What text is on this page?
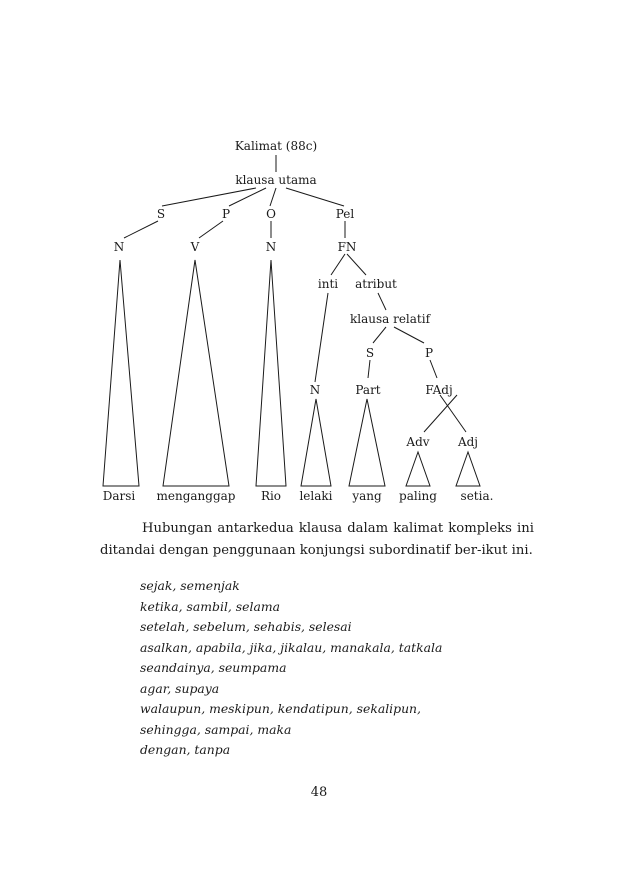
Kalimat (88c)
klausa utama
S	P	O	Pel
N	V	N	FN
inti atribut
klausa relatif
S	P
N	Part	FAdj
Adv Adj
Darsi menganggap Rio lelaki yang paling setia.

Hubungan antarkedua klausa dalam kalimat kompleks ini ditandai dengan penggunaan konjungsi subordinatif ber-ikut ini.

sejak, semenjak
ketika, sambil, selama
setelah, sebelum, sehabis, selesai
asalkan, apabila, jika, jikalau, manakala, tatkala
seandainya, seumpama
agar, supaya
walaupun, meskipun, kendatipun, sekalipun,
sehingga, sampai, maka
dengan, tanpa
48
